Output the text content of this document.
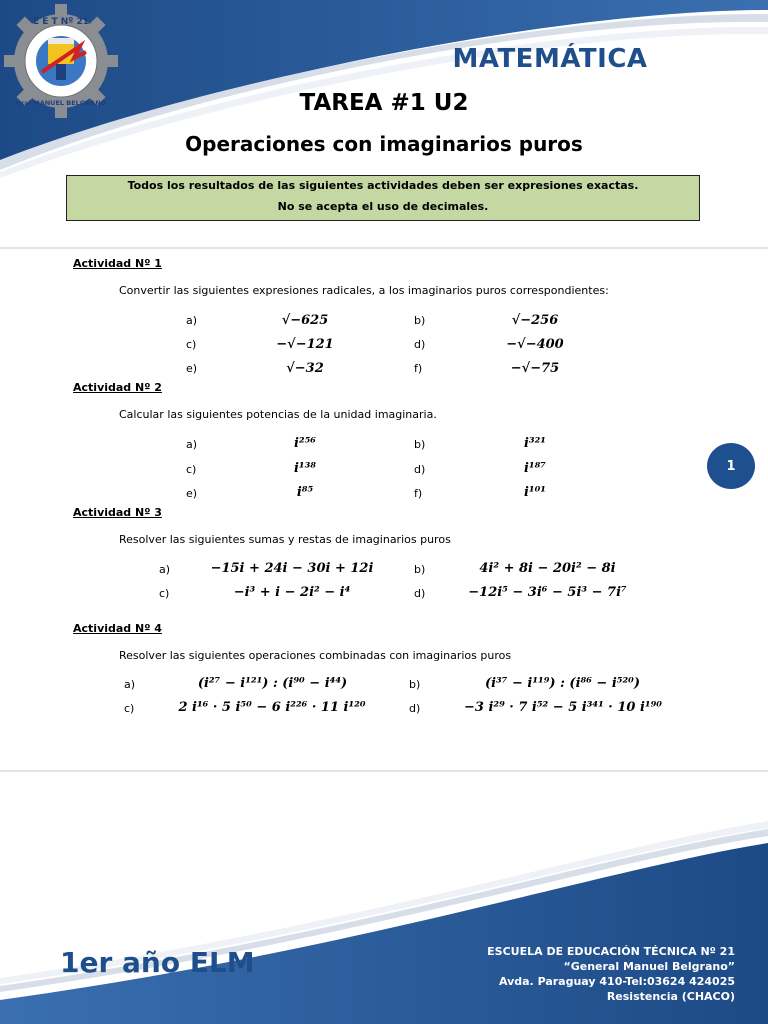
E E T Nº 21
Gral MANUEL BELGRANO
MATEMÁTICA
TAREA #1 U2
Operaciones con imaginarios puros
Todos los resultados de las siguientes actividades deben ser expresiones exactas.
No se acepta el uso de decimales.
Actividad Nº 1
Convertir las siguientes expresiones radicales, a los imaginarios puros correspondientes:
a)	√−625	b)	√−256
c)	−√−121	d)	−√−400
e)	√−32	f)	−√−75
Actividad Nº 2
Calcular las siguientes potencias de la unidad imaginaria.
a)	i²⁵⁶	b)	i³²¹
c)	i¹³⁸	d)	i¹⁸⁷
e)	i⁸⁵	f)	i¹⁰¹
1
Actividad Nº 3
Resolver las siguientes sumas y restas de imaginarios puros
a)	−15i + 24i − 30i + 12i	b)	4i² + 8i − 20i² − 8i
c)	−i³ + i − 2i² − i⁴	d)	−12i⁵ − 3i⁶ − 5i³ − 7i⁷
Actividad Nº 4
Resolver las siguientes operaciones combinadas con imaginarios puros
a)	(i²⁷ − i¹²¹) : (i⁹⁰ − i⁴⁴)	b)	(i³⁷ − i¹¹⁹) : (i⁸⁶ − i⁵²⁰)
c)	2 i¹⁶ · 5 i⁵⁰ − 6 i²²⁶ · 11 i¹²⁰	d)	−3 i²⁹ · 7 i⁵² − 5 i³⁴¹ · 10 i¹⁹⁰
1er año ELM	ESCUELA DE EDUCACIÓN TÉCNICA Nº 21
“General Manuel Belgrano”
Avda. Paraguay 410-Tel:03624 424025
Resistencia (CHACO)
